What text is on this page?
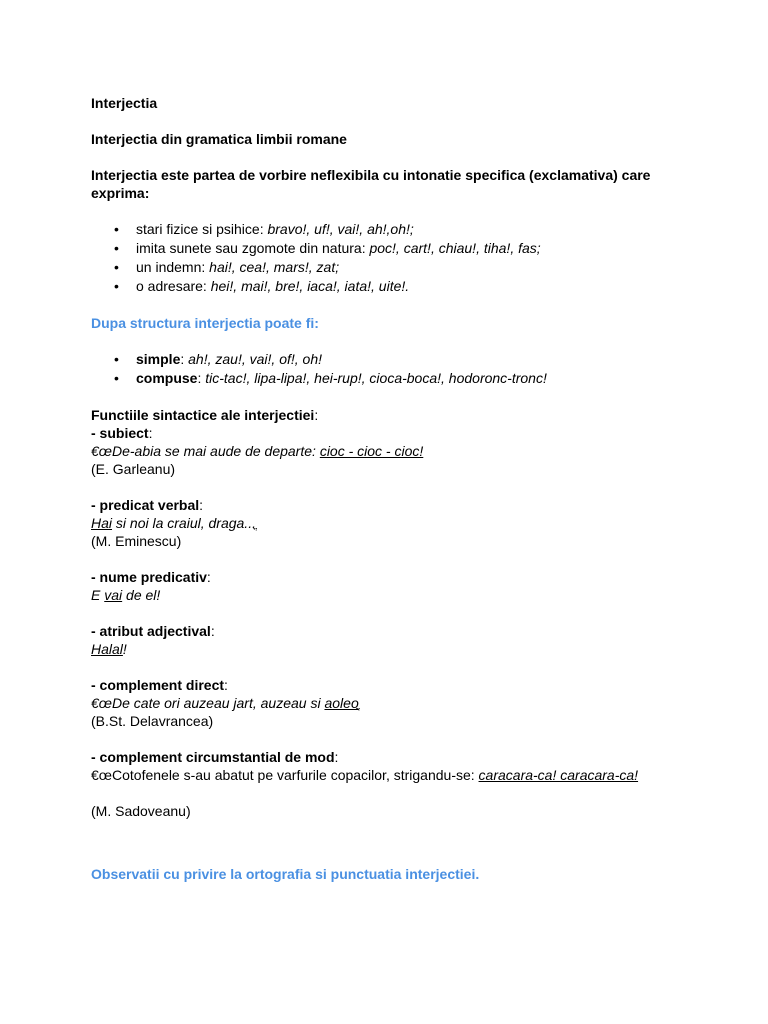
Interjectia

Interjectia din gramatica limbii romane

Interjectia este partea de vorbire neflexibila cu intonatie specifica (exclamativa) care exprima:

• stari fizice si psihice: bravo!, uf!, vai!, ah!,oh!;
• imita sunete sau zgomote din natura: poc!, cart!, chiau!, tiha!, fas;
• un indemn: hai!, cea!, mars!, zat;
• o adresare: hei!, mai!, bre!, iaca!, iata!, uite!.

Dupa structura interjectia poate fi:

• simple: ah!, zau!, vai!, of!, oh!
• compuse: tic-tac!, lipa-lipa!, hei-rup!, cioca-boca!, hodoronc-tronc!

Functiile sintactice ale interjectiei:

- subiect:

€œDe-abia se mai aude de departe: cioc - cioc - cioc!

(E. Garleanu)

- predicat verbal:

Hai si noi la craiul, draga...ֳ

(M. Eminescu)

- nume predicativ:

E vai de el!

- atribut adjectival:

Halal!

- complement direct:

€œDe cate ori auzeau jart, auzeau si aoleo

(B.St. Delavrancea)

- complement circumstantial de mod:

€œCotofenele s-au abatut pe varfurile copacilor, strigandu-se: caracara-ca! caracara-ca!

(M. Sadoveanu)

Observatii cu privire la ortografia si punctuatia interjectiei.
